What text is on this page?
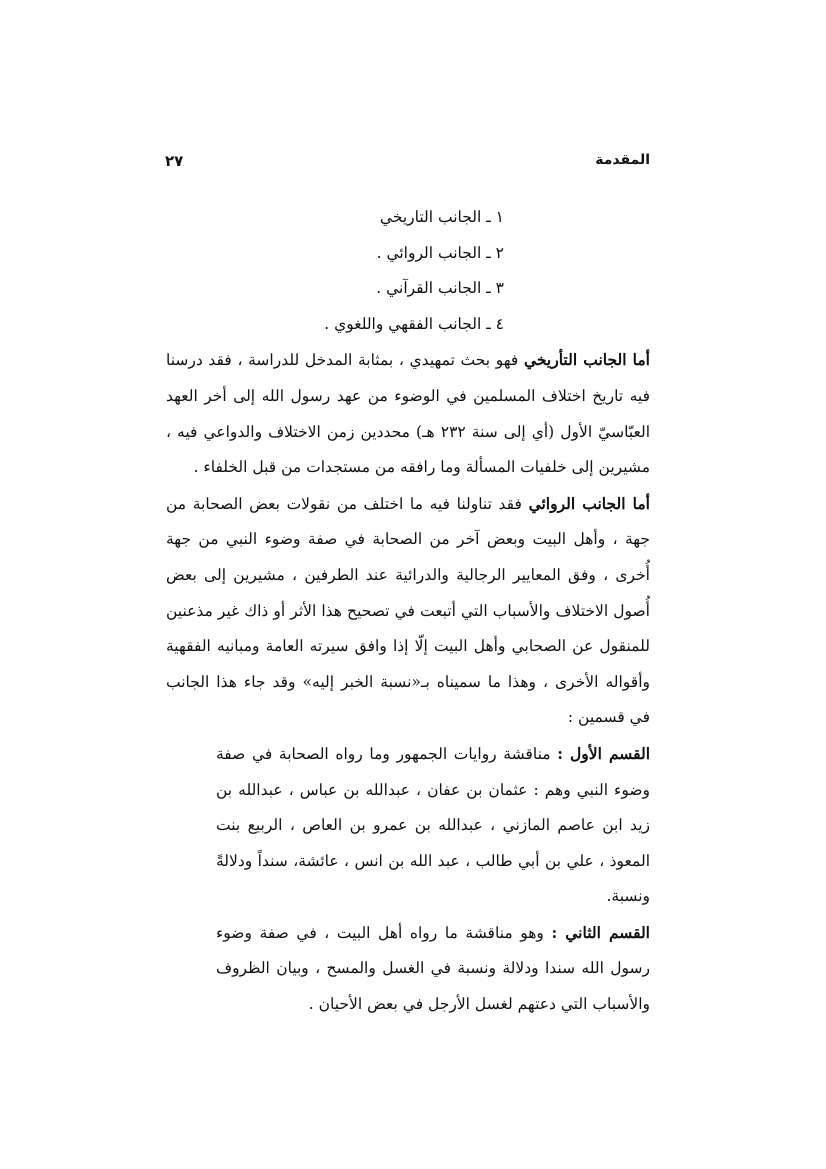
٢٧	المقدمة
١ ـ الجانب التاريخي
٢ ـ الجانب الروائي .
٣ ـ الجانب القرآني .
٤ ـ الجانب الفقهي واللغوي .

أما الجانب التأريخي فهو بحث تمهيدي ، بمثابة المدخل للدراسة ، فقد درسنا فيه تاريخ اختلاف المسلمين في الوضوء من عهد رسول الله إلى أخر العهد العبّاسيّ الأول (أي إلى سنة ٢٣٢ هـ) محددين زمن الاختلاف والدواعي فيه ، مشيرين إلى خلفيات المسألة وما رافقه من مستجدات من قبل الخلفاء .

أما الجانب الروائي فقد تناولنا فيه ما اختلف من نقولات بعض الصحابة من جهة ، وأهل البيت وبعض آخر من الصحابة في صفة وضوء النبي من جهة أُخرى ، وفق المعايير الرجالية والدرائية عند الطرفين ، مشيرين إلى بعض أُصول الاختلاف والأسباب التي أتبعت في تصحيح هذا الأثر أو ذاك غير مذعنين للمنقول عن الصحابي وأهل البيت إلّا إذا وافق سيرته العامة ومبانيه الفقهية وأقواله الأخرى ، وهذا ما سميناه بـ«نسبة الخبر إليه» وقد جاء هذا الجانب في قسمين :

القسم الأول : مناقشة روايات الجمهور وما رواه الصحابة في صفة وضوء النبي وهم : عثمان بن عفان ، عبدالله بن عباس ، عبدالله بن زيد ابن عاصم المازني ، عبدالله بن عمرو بن العاص ، الربيع بنت المعوذ ، علي بن أبي طالب ، عبد الله بن انس ، عائشة، سنداً ودلالةً ونسبة.

القسم الثاني : وهو مناقشة ما رواه أهل البيت ، في صفة وضوء رسول الله سندا ودلالة ونسبة في الغسل والمسح ، وبيان الظروف والأسباب التي دعتهم لغسل الأرجل في بعض الأحيان .
